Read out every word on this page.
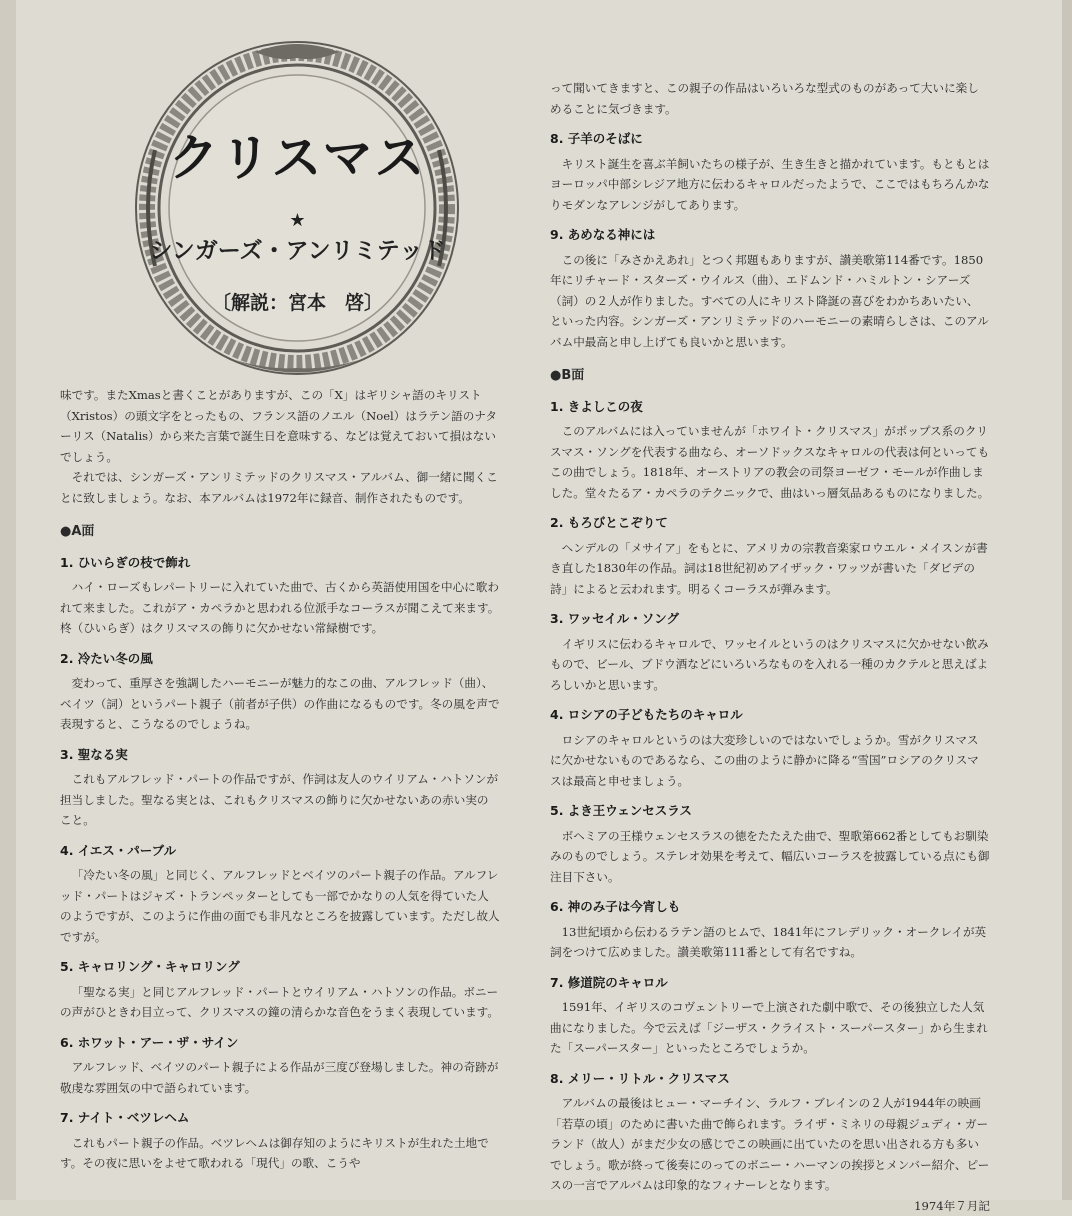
クリスマス
★
シンガーズ・アンリミテッド
〔解説：宮本　啓〕

味です。またXmasと書くことがありますが、この「X」はギリシャ語のキリスト（Xristos）の頭文字をとったもの、フランス語のノエル（Noel）はラテン語のナターリス（Natalis）から来た言葉で誕生日を意味する、などは覚えておいて損はないでしょう。

それでは、シンガーズ・アンリミテッドのクリスマス・アルバム、御一緒に聞くことに致しましょう。なお、本アルバムは1972年に録音、制作されたものです。

●A面
1. ひいらぎの枝で飾れ

ハイ・ローズもレパートリーに入れていた曲で、古くから英語使用国を中心に歌われて来ました。これがア・カペラかと思われる位派手なコーラスが聞こえて来ます。柊（ひいらぎ）はクリスマスの飾りに欠かせない常緑樹です。

2. 冷たい冬の風

変わって、重厚さを強調したハーモニーが魅力的なこの曲、アルフレッド（曲）、ベイツ（詞）というパート親子（前者が子供）の作曲になるものです。冬の風を声で表現すると、こうなるのでしょうね。

3. 聖なる実

これもアルフレッド・パートの作品ですが、作詞は友人のウイリアム・ハトソンが担当しました。聖なる実とは、これもクリスマスの飾りに欠かせないあの赤い実のこと。

4. イエス・パーブル

「冷たい冬の風」と同じく、アルフレッドとベイツのパート親子の作品。アルフレッド・パートはジャズ・トランペッターとしても一部でかなりの人気を得ていた人のようですが、このように作曲の面でも非凡なところを披露しています。ただし故人ですが。

5. キャロリング・キャロリング

「聖なる実」と同じアルフレッド・パートとウイリアム・ハトソンの作品。ボニーの声がひときわ目立って、クリスマスの鐘の清らかな音色をうまく表現しています。

6. ホワット・アー・ザ・サイン

アルフレッド、ベイツのパート親子による作品が三度び登場しました。神の奇跡が敬虔な雰囲気の中で語られています。

7. ナイト・ベツレヘム

これもパート親子の作品。ベツレヘムは御存知のようにキリストが生れた土地です。その夜に思いをよせて歌われる「現代」の歌、こうや

って聞いてきますと、この親子の作品はいろいろな型式のものがあって大いに楽しめることに気づきます。

8. 子羊のそばに

キリスト誕生を喜ぶ羊飼いたちの様子が、生き生きと描かれています。もともとはヨーロッパ中部シレジア地方に伝わるキャロルだったようで、ここではもちろんかなりモダンなアレンジがしてあります。

9. あめなる神には

この後に「みさかえあれ」とつく邦題もありますが、讃美歌第114番です。1850年にリチャード・スターズ・ウイルス（曲）、エドムンド・ハミルトン・シアーズ（詞）の２人が作りました。すべての人にキリスト降誕の喜びをわかちあいたい、といった内容。シンガーズ・アンリミテッドのハーモニーの素晴らしさは、このアルバム中最高と申し上げても良いかと思います。

●B面
1. きよしこの夜

このアルバムには入っていませんが「ホワイト・クリスマス」がポップス系のクリスマス・ソングを代表する曲なら、オーソドックスなキャロルの代表は何といってもこの曲でしょう。1818年、オーストリアの教会の司祭ヨーゼフ・モールが作曲しました。堂々たるア・カペラのテクニックで、曲はいっ層気品あるものになりました。

2. もろびとこぞりて

ヘンデルの「メサイア」をもとに、アメリカの宗教音楽家ロウエル・メイスンが書き直した1830年の作品。詞は18世紀初めアイザック・ワッツが書いた「ダビデの詩」によると云われます。明るくコーラスが弾みます。

3. ワッセイル・ソング

イギリスに伝わるキャロルで、ワッセイルというのはクリスマスに欠かせない飲みもので、ビール、ブドウ酒などにいろいろなものを入れる一種のカクテルと思えばよろしいかと思います。

4. ロシアの子どもたちのキャロル

ロシアのキャロルというのは大変珍しいのではないでしょうか。雪がクリスマスに欠かせないものであるなら、この曲のように静かに降る“雪国”ロシアのクリスマスは最高と申せましょう。

5. よき王ウェンセスラス

ボヘミアの王様ウェンセスラスの徳をたたえた曲で、聖歌第662番としてもお馴染みのものでしょう。ステレオ効果を考えて、幅広いコーラスを披露している点にも御注目下さい。

6. 神のみ子は今宵しも

13世紀頃から伝わるラテン語のヒムで、1841年にフレデリック・オークレイが英詞をつけて広めました。讃美歌第111番として有名ですね。

7. 修道院のキャロル

1591年、イギリスのコヴェントリーで上演された劇中歌で、その後独立した人気曲になりました。今で云えば「ジーザス・クライスト・スーパースター」から生まれた「スーパースター」といったところでしょうか。

8. メリー・リトル・クリスマス

アルバムの最後はヒュー・マーチイン、ラルフ・ブレインの２人が1944年の映画「若草の頃」のために書いた曲で飾られます。ライザ・ミネリの母親ジュディ・ガーランド（故人）がまだ少女の感じでこの映画に出ていたのを思い出される方も多いでしょう。歌が終って後奏にのってのボニー・ハーマンの挨拶とメンバー紹介、ピースの一言でアルバムは印象的なフィナーレとなります。

1974年７月記
